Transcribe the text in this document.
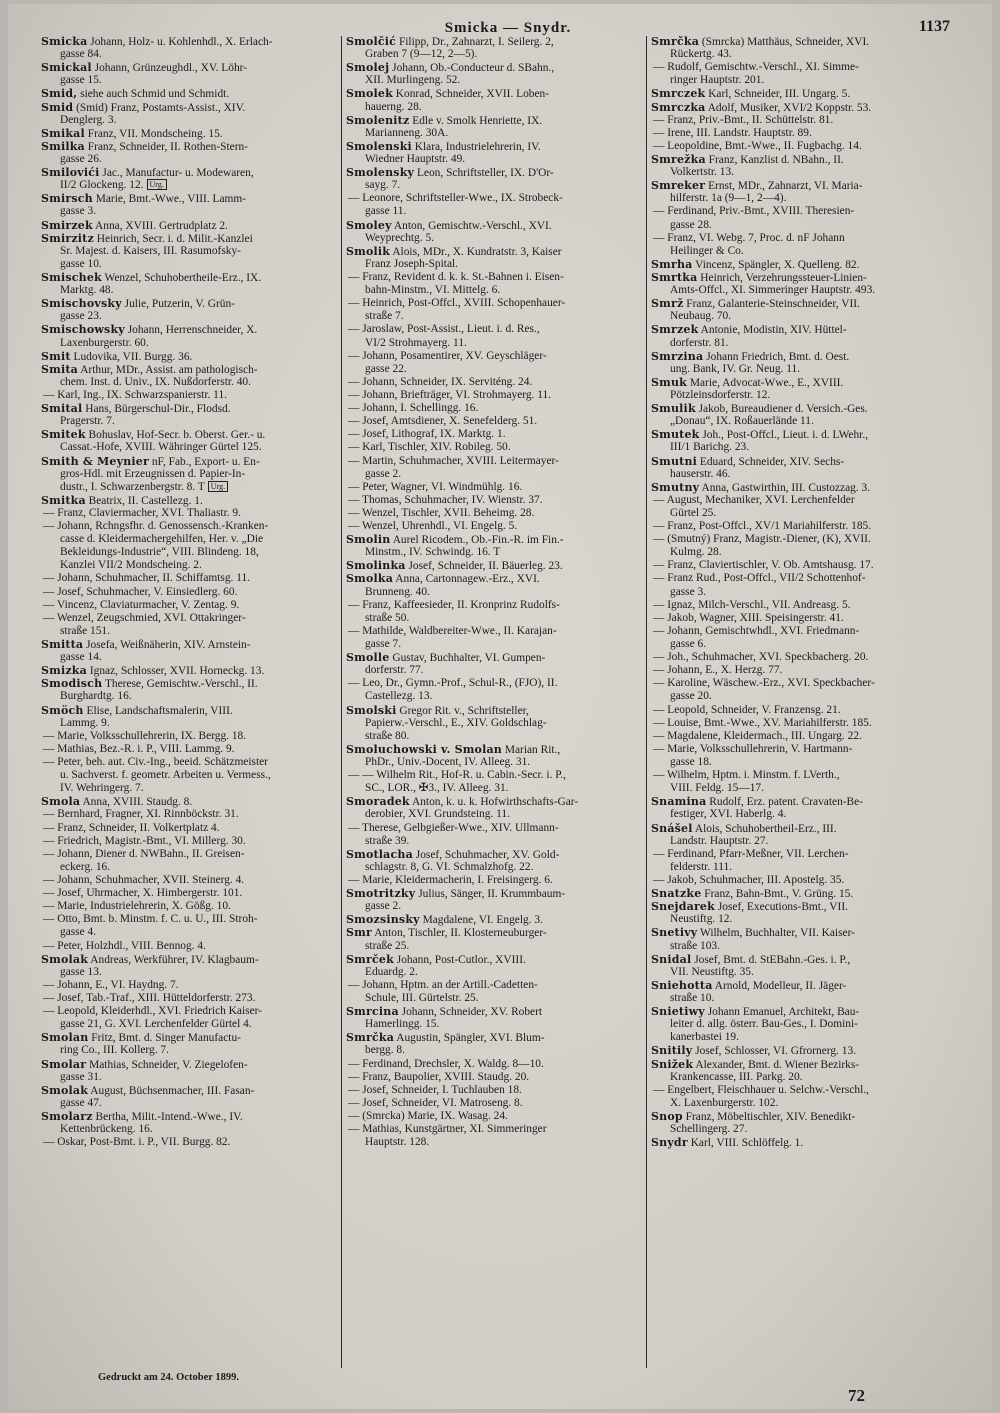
Smicka — Snydr.	1137
Smicka Johann, Holz- u. Kohlenhdl., X. Erlach-
gasse 84.
Smickal Johann, Grünzeughdl., XV. Löhr-
gasse 15.
Smid, siehe auch Schmid und Schmidt.
Smid (Smid) Franz, Postamts-Assist., XIV.
Denglerg. 3.
Smikal Franz, VII. Mondscheing. 15.
Smilka Franz, Schneider, II. Rothen-Stern-
gasse 26.
Smilovići Jac., Manufactur- u. Modewaren,
II/2 Glockeng. 12. Urg.
Smirsch Marie, Bmt.-Wwe., VIII. Lamm-
gasse 3.
Smirzek Anna, XVIII. Gertrudplatz 2.
Smirzitz Heinrich, Secr. i. d. Milit.-Kanzlei
Sr. Majest. d. Kaisers, III. Rasumofsky-
gasse 10.
Smischek Wenzel, Schuhobertheile-Erz., IX.
Marktg. 48.
Smischovsky Julie, Putzerin, V. Grün-
gasse 23.
Smischowsky Johann, Herrenschneider, X.
Laxenburgerstr. 60.
Smit Ludovika, VII. Burgg. 36.
Smita Arthur, MDr., Assist. am pathologisch-
chem. Inst. d. Univ., IX. Nußdorferstr. 40.
— Karl, Ing., IX. Schwarzspanierstr. 11.
Smital Hans, Bürgerschul-Dir., Flodsd.
Pragerstr. 7.
Smitek Bohuslav, Hof-Secr. b. Oberst. Ger.- u.
Cassat.-Hofe, XVIII. Währinger Gürtel 125.
Smith & Meynier nF, Fab., Export- u. En-
gros-Hdl. mit Erzeugnissen d. Papier-In-
dustr., I. Schwarzenbergstr. 8. T Urg.
Smitka Beatrix, II. Castellezg. 1.
— Franz, Claviermacher, XVI. Thaliastr. 9.
— Johann, Rchngsfhr. d. Genossensch.-Kranken-
casse d. Kleidermachergehilfen, Her. v. „Die
Bekleidungs-Industrie“, VIII. Blindeng. 18,
Kanzlei VII/2 Mondscheing. 2.
— Johann, Schuhmacher, II. Schiffamtsg. 11.
— Josef, Schuhmacher, V. Einsiedlerg. 60.
— Vincenz, Claviaturmacher, V. Zentag. 9.
— Wenzel, Zeugschmied, XVI. Ottakringer-
straße 151.
Smitta Josefa, Weißnäherin, XIV. Arnstein-
gasse 14.
Smizka Ignaz, Schlosser, XVII. Horneckg. 13.
Smodisch Therese, Gemischtw.-Verschl., II.
Burghardtg. 16.
Smöch Elise, Landschaftsmalerin, VIII.
Lammg. 9.
— Marie, Volksschullehrerin, IX. Bergg. 18.
— Mathias, Bez.-R. i. P., VIII. Lammg. 9.
— Peter, beh. aut. Civ.-Ing., beeid. Schätzmeister
u. Sachverst. f. geometr. Arbeiten u. Vermess.,
IV. Wehringerg. 7.
Smola Anna, XVIII. Staudg. 8.
— Bernhard, Fragner, XI. Rinnböckstr. 31.
— Franz, Schneider, II. Volkertplatz 4.
— Friedrich, Magistr.-Bmt., VI. Millerg. 30.
— Johann, Diener d. NWBahn., II. Greisen-
eckerg. 16.
— Johann, Schuhmacher, XVII. Steinerg. 4.
— Josef, Uhrmacher, X. Himbergerstr. 101.
— Marie, Industrielehrerin, X. Gößg. 10.
— Otto, Bmt. b. Minstm. f. C. u. U., III. Stroh-
gasse 4.
— Peter, Holzhdl., VIII. Bennog. 4.
Smolak Andreas, Werkführer, IV. Klagbaum-
gasse 13.
— Johann, E., VI. Haydng. 7.
— Josef, Tab.-Traf., XIII. Hütteldorferstr. 273.
— Leopold, Kleiderhdl., XVI. Friedrich Kaiser-
gasse 21, G. XVI. Lerchenfelder Gürtel 4.
Smolan Fritz, Bmt. d. Singer Manufactu-
ring Co., III. Kollerg. 7.
Smolar Mathias, Schneider, V. Ziegelofen-
gasse 31.
Smolak August, Büchsenmacher, III. Fasan-
gasse 47.
Smolarz Bertha, Milit.-Intend.-Wwe., IV.
Kettenbrückeng. 16.
— Oskar, Post-Bmt. i. P., VII. Burgg. 82.
Smolčić Filipp, Dr., Zahnarzt, I. Seilerg. 2,
Graben 7 (9—12, 2—5).
Smolej Johann, Ob.-Conducteur d. SBahn.,
XII. Murlingeng. 52.
Smolek Konrad, Schneider, XVII. Loben-
hauerng. 28.
Smolenitz Edle v. Smolk Henriette, IX.
Marianneng. 30A.
Smolenski Klara, Industrielehrerin, IV.
Wiedner Hauptstr. 49.
Smolensky Leon, Schriftsteller, IX. D'Or-
sayg. 7.
— Leonore, Schriftsteller-Wwe., IX. Strobeck-
gasse 11.
Smoley Anton, Gemischtw.-Verschl., XVI.
Weyprechtg. 5.
Smolik Alois, MDr., X. Kundratstr. 3, Kaiser
Franz Joseph-Spital.
— Franz, Revident d. k. k. St.-Bahnen i. Eisen-
bahn-Minstm., VI. Mittelg. 6.
— Heinrich, Post-Offcl., XVIII. Schopenhauer-
straße 7.
— Jaroslaw, Post-Assist., Lieut. i. d. Res.,
VI/2 Strohmayerg. 11.
— Johann, Posamentirer, XV. Geyschläger-
gasse 22.
— Johann, Schneider, IX. Serviténg. 24.
— Johann, Briefträger, VI. Strohmayerg. 11.
— Johann, I. Schellingg. 16.
— Josef, Amtsdiener, X. Senefelderg. 51.
— Josef, Lithograf, IX. Marktg. 1.
— Karl, Tischler, XIV. Robileg. 50.
— Martin, Schuhmacher, XVIII. Leitermayer-
gasse 2.
— Peter, Wagner, VI. Windmühlg. 16.
— Thomas, Schuhmacher, IV. Wienstr. 37.
— Wenzel, Tischler, XVII. Beheimg. 28.
— Wenzel, Uhrenhdl., VI. Engelg. 5.
Smolin Aurel Ricodem., Ob.-Fin.-R. im Fin.-
Minstm., IV. Schwindg. 16. T
Smolinka Josef, Schneider, II. Bäuerleg. 23.
Smolka Anna, Cartonnagew.-Erz., XVI.
Brunneng. 40.
— Franz, Kaffeesieder, II. Kronprinz Rudolfs-
straße 50.
— Mathilde, Waldbereiter-Wwe., II. Karajan-
gasse 7.
Smolle Gustav, Buchhalter, VI. Gumpen-
dorferstr. 77.
— Leo, Dr., Gymn.-Prof., Schul-R., (FJO), II.
Castellezg. 13.
Smolski Gregor Rit. v., Schriftsteller,
Papierw.-Verschl., E., XIV. Goldschlag-
straße 80.
Smoluchowski v. Smolan Marian Rit.,
PhDr., Univ.-Docent, IV. Alleeg. 31.
— — Wilhelm Rit., Hof-R. u. Cabin.-Secr. i. P.,
SC., LOR., ✠3., IV. Alleeg. 31.
Smoradek Anton, k. u. k. Hofwirthschafts-Gar-
derobier, XVI. Grundsteing. 11.
— Therese, Gelbgießer-Wwe., XIV. Ullmann-
straße 39.
Smotlacha Josef, Schuhmacher, XV. Gold-
schlagstr. 8, G. VI. Schmalzhofg. 22.
— Marie, Kleidermacherin, I. Freisingerg. 6.
Smotritzky Julius, Sänger, II. Krummbaum-
gasse 2.
Smozsinsky Magdalene, VI. Engelg. 3.
Smr Anton, Tischler, II. Klosterneuburger-
straße 25.
Smrček Johann, Post-Cutlor., XVIII.
Eduardg. 2.
— Johann, Hptm. an der Artill.-Cadetten-
Schule, III. Gürtelstr. 25.
Smrcina Johann, Schneider, XV. Robert
Hamerlingg. 15.
Smrčka Augustin, Spängler, XVI. Blum-
bergg. 8.
— Ferdinand, Drechsler, X. Waldg. 8—10.
— Franz, Baupolier, XVIII. Staudg. 20.
— Josef, Schneider, I. Tuchlauben 18.
— Josef, Schneider, VI. Matroseng. 8.
— (Smrcka) Marie, IX. Wasag. 24.
— Mathias, Kunstgärtner, XI. Simmeringer
Hauptstr. 128.
Smrčka (Smrcka) Matthäus, Schneider, XVI.
Rückertg. 43.
— Rudolf, Gemischtw.-Verschl., XI. Simme-
ringer Hauptstr. 201.
Smrczek Karl, Schneider, III. Ungarg. 5.
Smrczka Adolf, Musiker, XVI/2 Koppstr. 53.
— Franz, Priv.-Bmt., II. Schüttelstr. 81.
— Irene, III. Landstr. Hauptstr. 89.
— Leopoldine, Bmt.-Wwe., II. Fugbachg. 14.
Smrežka Franz, Kanzlist d. NBahn., II.
Volkertstr. 13.
Smreker Ernst, MDr., Zahnarzt, VI. Maria-
hilferstr. 1a (9—1, 2—4).
— Ferdinand, Priv.-Bmt., XVIII. Theresien-
gasse 28.
— Franz, VI. Webg. 7, Proc. d. nF Johann
Heilinger & Co.
Smrha Vincenz, Spängler, X. Quelleng. 82.
Smrtka Heinrich, Verzehrungssteuer-Linien-
Amts-Offcl., XI. Simmeringer Hauptstr. 493.
Smrž Franz, Galanterie-Steinschneider, VII.
Neubaug. 70.
Smrzek Antonie, Modistin, XIV. Hüttel-
dorferstr. 81.
Smrzina Johann Friedrich, Bmt. d. Oest.
ung. Bank, IV. Gr. Neug. 11.
Smuk Marie, Advocat-Wwe., E., XVIII.
Pötzleinsdorferstr. 12.
Smulik Jakob, Bureaudiener d. Versich.-Ges.
„Donau“, IX. Roßauerlände 11.
Smutek Joh., Post-Offcl., Lieut. i. d. LWehr.,
III/1 Barichg. 23.
Smutni Eduard, Schneider, XIV. Sechs-
hauserstr. 46.
Smutny Anna, Gastwirthin, III. Custozzag. 3.
— August, Mechaniker, XVI. Lerchenfelder
Gürtel 25.
— Franz, Post-Offcl., XV/1 Mariahilferstr. 185.
— (Smutný) Franz, Magistr.-Diener, (K), XVII.
Kulmg. 28.
— Franz, Claviertischler, V. Ob. Amtshausg. 17.
— Franz Rud., Post-Offcl., VII/2 Schottenhof-
gasse 3.
— Ignaz, Milch-Verschl., VII. Andreasg. 5.
— Jakob, Wagner, XIII. Speisingerstr. 41.
— Johann, Gemischtwhdl., XVI. Friedmann-
gasse 6.
— Joh., Schuhmacher, XVI. Speckbacherg. 20.
— Johann, E., X. Herzg. 77.
— Karoline, Wäschew.-Erz., XVI. Speckbacher-
gasse 20.
— Leopold, Schneider, V. Franzensg. 21.
— Louise, Bmt.-Wwe., XV. Mariahilferstr. 185.
— Magdalene, Kleidermach., III. Ungarg. 22.
— Marie, Volksschullehrerin, V. Hartmann-
gasse 18.
— Wilhelm, Hptm. i. Minstm. f. LVerth.,
VIII. Feldg. 15—17.
Snamina Rudolf, Erz. patent. Cravaten-Be-
festiger, XVI. Haberlg. 4.
Snášel Alois, Schuhobertheil-Erz., III.
Landstr. Hauptstr. 27.
— Ferdinand, Pfarr-Meßner, VII. Lerchen-
felderstr. 111.
— Jakob, Schuhmacher, III. Apostelg. 35.
Snatzke Franz, Bahn-Bmt., V. Grüng. 15.
Snejdarek Josef, Executions-Bmt., VII.
Neustiftg. 12.
Snetivy Wilhelm, Buchhalter, VII. Kaiser-
straße 103.
Snidal Josef, Bmt. d. StEBahn.-Ges. i. P.,
VII. Neustiftg. 35.
Sniehotta Arnold, Modelleur, II. Jäger-
straße 10.
Snietiwy Johann Emanuel, Architekt, Bau-
leiter d. allg. österr. Bau-Ges., I. Domini-
kanerbastei 19.
Snitily Josef, Schlosser, VI. Gfrornerg. 13.
Snižek Alexander, Bmt. d. Wiener Bezirks-
Krankencasse, III. Parkg. 20.
— Engelbert, Fleischhauer u. Selchw.-Verschl.,
X. Laxenburgerstr. 102.
Snop Franz, Möbeltischler, XIV. Benedikt-
Schellingerg. 27.
Snydr Karl, VIII. Schlöffelg. 1.
Gedruckt am 24. October 1899.
72
